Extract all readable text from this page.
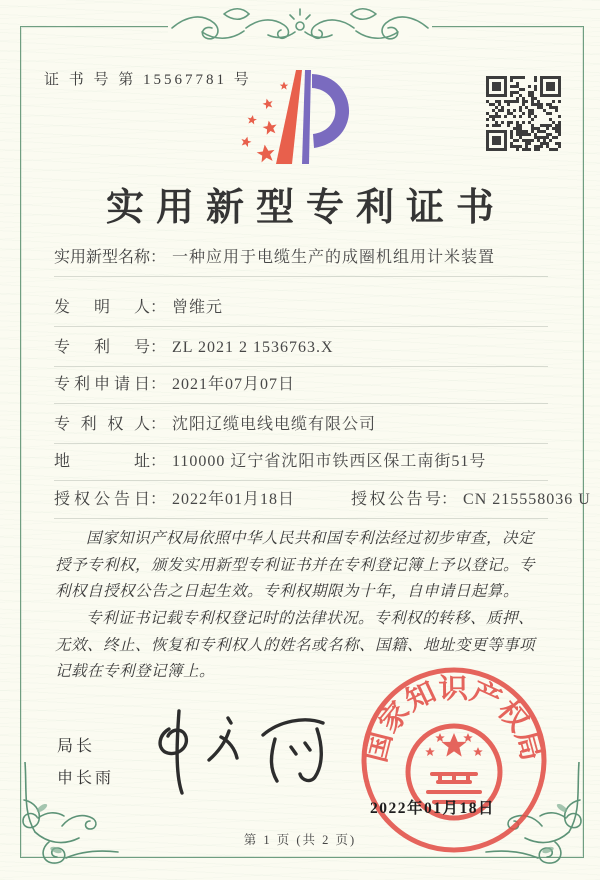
证 书 号 第 15567781 号
实用新型专利证书
实用新型名称： 一种应用于电缆生产的成圈机组用计米装置
发明人： 曾维元
专利号： ZL 2021 2 1536763.X
专利申请日： 2021年07月07日
专利权人： 沈阳辽缆电线电缆有限公司
地址： 110000 辽宁省沈阳市铁西区保工南街51号
授权公告日： 2022年01月18日	授权公告号： CN 215558036 U

国家知识产权局依照中华人民共和国专利法经过初步审查，决定授予专利权，颁发实用新型专利证书并在专利登记簿上予以登记。专利权自授权公告之日起生效。专利权期限为十年，自申请日起算。

专利证书记载专利权登记时的法律状况。专利权的转移、质押、无效、终止、恢复和专利权人的姓名或名称、国籍、地址变更等事项记载在专利登记簿上。

局长
申长雨
国家知识产权局
2022年01月18日
第 1 页 (共 2 页)
